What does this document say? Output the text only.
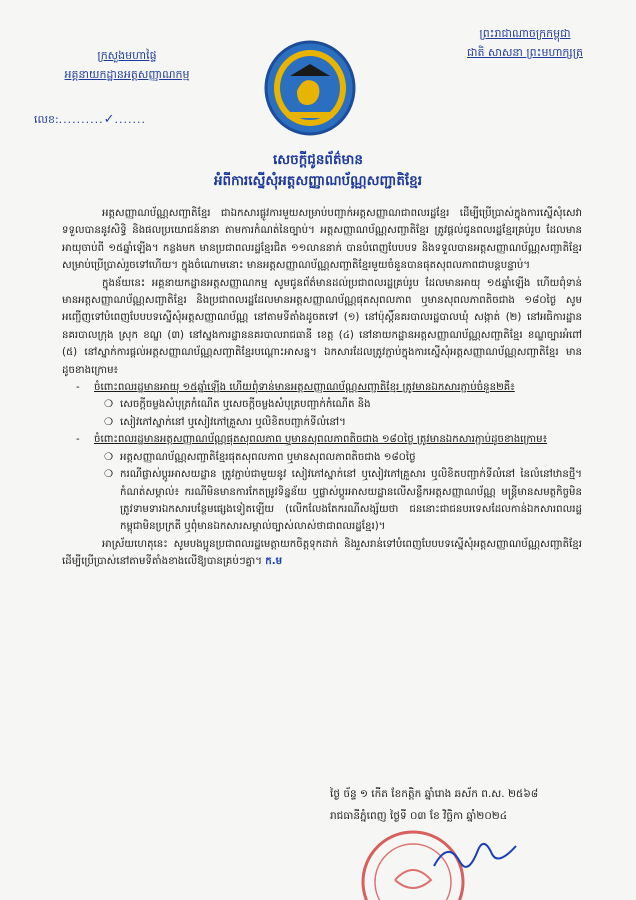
ក្រសួងមហាផ្ទៃ
អគ្គនាយកដ្ឋានអត្តសញ្ញាណកម្ម
លេខ:..........✓.......
ព្រះរាជាណាចក្រកម្ពុជា
ជាតិ សាសនា ព្រះមហាក្សត្រ
សេចក្ដីជូនព័ត៌មាន
អំពីការស្នើសុំអត្តសញ្ញាណប័ណ្ណសញ្ជាតិខ្មែរ

អត្តសញ្ញាណប័ណ្ណសញ្ជាតិខ្មែរ ជាឯកសារផ្លូវការមួយសម្រាប់បញ្ជាក់អត្តសញ្ញាណជាពលរដ្ឋខ្មែរ ដើម្បីប្រើប្រាស់ក្នុងការស្នើសុំសេវា ទទួលបាននូវសិទ្ធិ និងផលប្រយោជន៍នានា តាមការកំណត់នៃច្បាប់។ អត្តសញ្ញាណប័ណ្ណសញ្ជាតិខ្មែរ ត្រូវផ្ដល់ជូនពលរដ្ឋខ្មែរគ្រប់រូប ដែលមានអាយុចាប់ពី ១៥ឆ្នាំឡើង។ កន្លងមក មានប្រជាពលរដ្ឋខ្មែរជិត ១១លាននាក់ បានបំពេញបែបបទ និងទទួលបានអត្តសញ្ញាណប័ណ្ណសញ្ជាតិខ្មែរសម្រាប់ប្រើប្រាស់រួចទៅហើយ។ ក្នុងចំណោមនោះ មានអត្តសញ្ញាណប័ណ្ណសញ្ជាតិខ្មែរមួយចំនួនបានផុតសុពលភាពជាបន្ដបន្ទាប់។

ក្នុងន័យនេះ អគ្គនាយកដ្ឋានអត្តសញ្ញាណកម្ម សូមជូនព័ត៌មានដល់ប្រជាពលរដ្ឋគ្រប់រូប ដែលមានអាយុ ១៥ឆ្នាំឡើង ហើយពុំទាន់មានអត្តសញ្ញាណប័ណ្ណសញ្ជាតិខ្មែរ និងប្រជាពលរដ្ឋដែលមានអត្តសញ្ញាណប័ណ្ណផុតសុពលភាព ឬមានសុពលភាពតិចជាង ១៨០ថ្ងៃ សូមអញ្ជើញទៅបំពេញបែបបទស្នើសុំអត្តសញ្ញាណប័ណ្ណ នៅតាមទីតាំងដូចតទៅ (១) នៅប៉ុស្តិ៍នគរបាលរដ្ឋបាលឃុំ សង្កាត់ (២) នៅអធិការដ្ឋាននគរបាលក្រុង ស្រុក ខណ្ឌ (៣) នៅស្នងការដ្ឋាននគរបាលរាជធានី ខេត្ត (៤) នៅនាយកដ្ឋានអត្តសញ្ញាណប័ណ្ណសញ្ជាតិខ្មែរ ខណ្ឌច្បារអំពៅ (៥) នៅស្នាក់ការផ្ដល់អត្តសញ្ញាណប័ណ្ណសញ្ជាតិខ្មែរបណ្ដោះអាសន្ន។ ឯកសារដែលត្រូវភ្ជាប់ក្នុងការស្នើសុំអត្តសញ្ញាណប័ណ្ណសញ្ជាតិខ្មែរ មានដូចខាងក្រោម៖

-	ចំពោះពលរដ្ឋមានអាយុ ១៥ឆ្នាំឡើង ហើយពុំទាន់មានអត្តសញ្ញាណប័ណ្ណសញ្ជាតិខ្មែរ ត្រូវមានឯកសារភ្ជាប់ចំនួន២គឺ៖
❍ សេចក្ដីចម្លងសំបុត្រកំណើត ឬសេចក្ដីចម្លងសំបុត្របញ្ជាក់កំណើត និង
❍ សៀវភៅស្នាក់នៅ ឬសៀវភៅគ្រួសារ ឬលិខិតបញ្ជាក់ទីលំនៅ។
-	ចំពោះពលរដ្ឋមានអត្តសញ្ញាណប័ណ្ណផុតសុពលភាព ឬមានសុពលភាពតិចជាង ១៨០ថ្ងៃ ត្រូវមានឯកសារភ្ជាប់ដូចខាងក្រោម៖
❍ អត្តសញ្ញាណប័ណ្ណសញ្ជាតិខ្មែរផុតសុពលភាព ឬមានសុពលភាពតិចជាង ១៨០ថ្ងៃ
❍ ករណីផ្លាស់ប្ដូរអាសយដ្ឋាន ត្រូវភ្ជាប់ជាមួយនូវ សៀវភៅស្នាក់នៅ ឬសៀវភៅគ្រួសារ ឬលិខិតបញ្ជាក់ទីលំនៅ នៃលំនៅឋានថ្មី។ កំណត់សម្គាល់៖ ករណីមិនមានការកែតម្រូវទិន្នន័យ ឬផ្លាស់ប្ដូរអាសយដ្ឋានលើសន្លឹកអត្តសញ្ញាណប័ណ្ណ មន្ត្រីមានសមត្ថកិច្ចមិនត្រូវទាមទារឯកសារបន្ថែមផ្សេងទៀតឡើយ (លើកលែងតែករណីសង្ស័យថា ជននោះជាជនបរទេសដែលកាន់ឯកសារពលរដ្ឋកម្ពុជាមិនប្រក្រតី ឬពុំមានឯកសារសម្គាល់ច្បាស់លាស់ថាជាពលរដ្ឋខ្មែរ)។

អាស្រ័យហេតុនេះ សូមបងប្អូនប្រជាពលរដ្ឋមេត្តាយកចិត្តទុកដាក់ និងរួសរាន់ទៅបំពេញបែបបទស្នើសុំអត្តសញ្ញាណប័ណ្ណសញ្ជាតិខ្មែរ ដើម្បីប្រើប្រាស់នៅតាមទីតាំងខាងលើឱ្យបានគ្រប់ៗគ្នា។ ក.ម

ថ្ងៃ ច័ន្ទ ១ កើត ខែកត្តិក ឆ្នាំរោង ឆស័ក ព.ស. ២៥៦៨
រាជធានីភ្នំពេញ ថ្ងៃទី ០៣ ខែ វិច្ឆិកា ឆ្នាំ២០២៤
